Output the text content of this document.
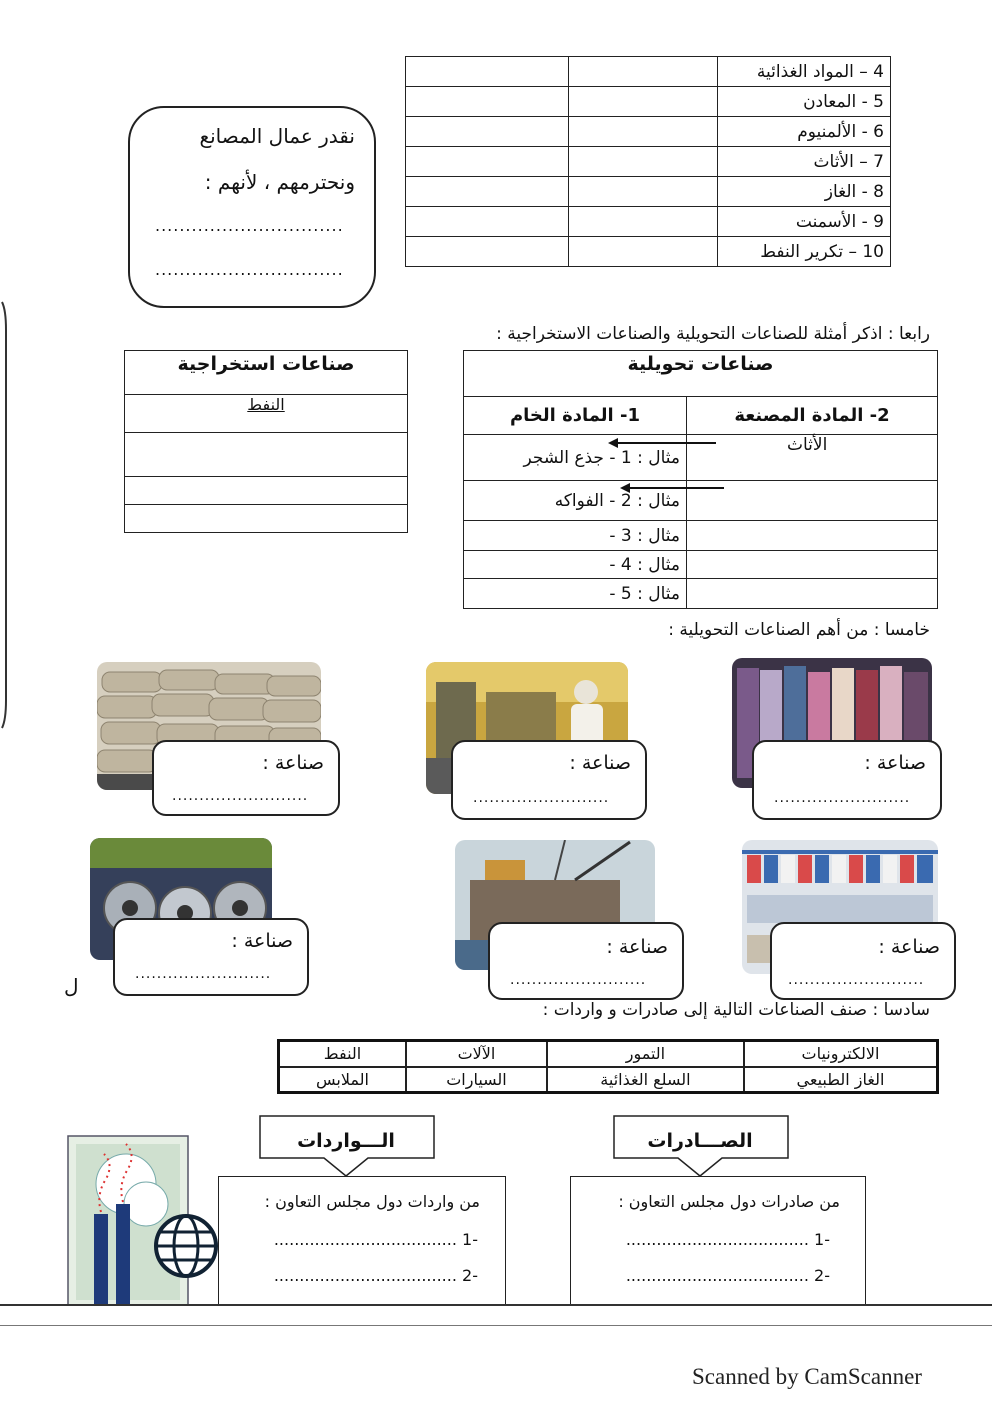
		4 – المواد الغذائية
		5 - المعادن
		6 - الألمنيوم
		7 – الأثاث
		8 - الغاز
		9 - الأسمنت
		10 – تكرير النفط
نقدر عمال المصانع
ونحترمهم ، لأنهم :
...............................
...............................
رابعا : اذكر أمثلة للصناعات التحويلية والصناعات الاستخراجية :
صناعات استخراجية
النفط

صناعات تحويلية	
1- المادة الخام	2- المادة المصنعة
مثال : 1 - جذع الشجر	الأثاث
مثال : 2 - الفواكه	
مثال : 3 -	
مثال : 4 -	
مثال : 5 -	
خامسا : من أهم الصناعات التحويلية :
صناعة :
.........................
صناعة :
.........................
صناعة :
.........................
صناعة :
.........................
صناعة :
.........................
صناعة :
.........................
ل
سادسا : صنف الصناعات التالية إلى صادرات و واردات :
النفط	الآلات	التمور	الالكترونيات
الملابس	السيارات	السلع الغذائية	الغاز الطبيعي
الـــواردات	الصـــادرات
من واردات دول مجلس التعاون :
-1 ....................................
-2 ....................................
من صادرات دول مجلس التعاون :
-1 ....................................
-2 ....................................
Scanned by CamScanner
